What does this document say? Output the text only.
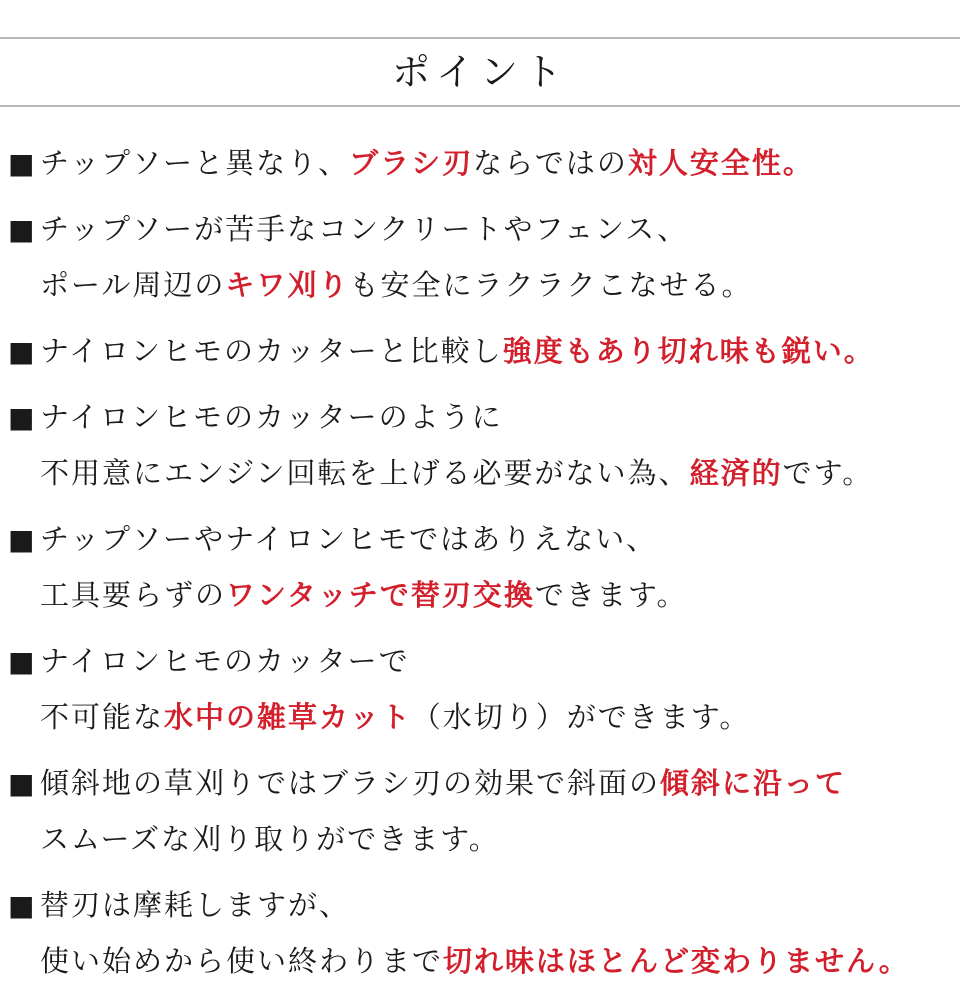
ポイント
■ チップソーと異なり、ブラシ刃ならではの対人安全性。
■ チップソーが苦手なコンクリートやフェンス、
ポール周辺のキワ刈りも安全にラクラクこなせる。
■ ナイロンヒモのカッターと比較し強度もあり切れ味も鋭い。
■ ナイロンヒモのカッターのように
不用意にエンジン回転を上げる必要がない為、経済的です。
■ チップソーやナイロンヒモではありえない、
工具要らずのワンタッチで替刃交換できます。
■ ナイロンヒモのカッターで
不可能な水中の雑草カット（水切り）ができます。
■ 傾斜地の草刈りではブラシ刃の効果で斜面の傾斜に沿って
スムーズな刈り取りができます。
■ 替刃は摩耗しますが、
使い始めから使い終わりまで切れ味はほとんど変わりません。
